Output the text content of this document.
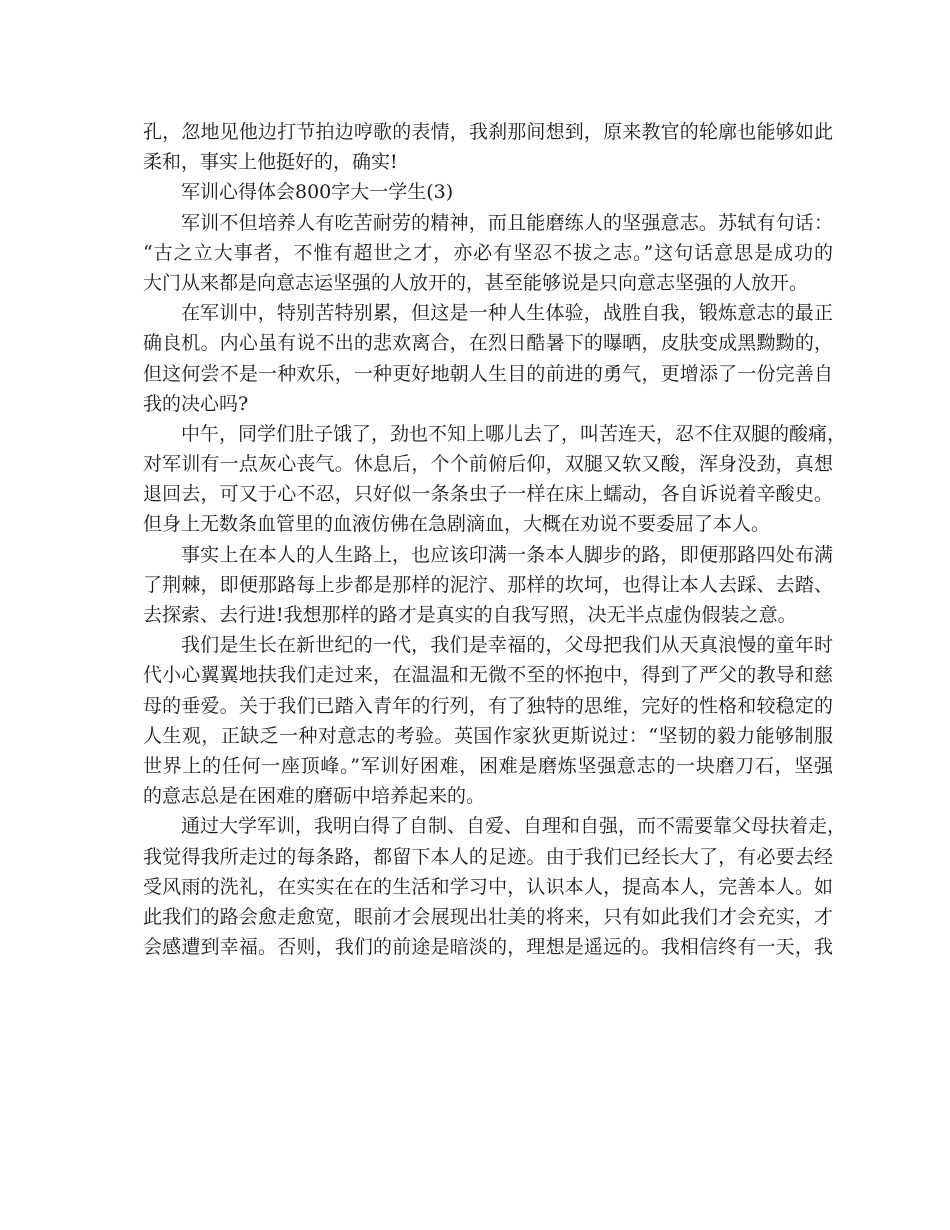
孔，忽地见他边打节拍边哼歌的表情，我刹那间想到，原来教官的轮廓也能够如此
柔和，事实上他挺好的，确实!
军训心得体会800字大一学生(3)
军训不但培养人有吃苦耐劳的精神，而且能磨练人的坚强意志。苏轼有句话：
“古之立大事者，不惟有超世之才，亦必有坚忍不拔之志。”这句话意思是成功的
大门从来都是向意志运坚强的人放开的，甚至能够说是只向意志坚强的人放开。
在军训中，特别苦特别累，但这是一种人生体验，战胜自我，锻炼意志的最正
确良机。内心虽有说不出的悲欢离合，在烈日酷暑下的曝晒，皮肤变成黑黝黝的，
但这何尝不是一种欢乐，一种更好地朝人生目的前进的勇气，更增添了一份完善自
我的决心吗?
中午，同学们肚子饿了，劲也不知上哪儿去了，叫苦连天，忍不住双腿的酸痛，
对军训有一点灰心丧气。休息后，个个前俯后仰，双腿又软又酸，浑身没劲，真想
退回去，可又于心不忍，只好似一条条虫子一样在床上蠕动，各自诉说着辛酸史。
但身上无数条血管里的血液仿佛在急剧滴血，大概在劝说不要委屈了本人。
事实上在本人的人生路上，也应该印满一条本人脚步的路，即便那路四处布满
了荆棘，即便那路每上步都是那样的泥泞、那样的坎坷，也得让本人去踩、去踏、
去探索、去行进!我想那样的路才是真实的自我写照，决无半点虚伪假装之意。
我们是生长在新世纪的一代，我们是幸福的，父母把我们从天真浪慢的童年时
代小心翼翼地扶我们走过来，在温温和无微不至的怀抱中，得到了严父的教导和慈
母的垂爱。关于我们已踏入青年的行列，有了独特的思维，完好的性格和较稳定的
人生观，正缺乏一种对意志的考验。英国作家狄更斯说过：“坚韧的毅力能够制服
世界上的任何一座顶峰。”军训好困难，困难是磨炼坚强意志的一块磨刀石，坚强
的意志总是在困难的磨砺中培养起来的。
通过大学军训，我明白得了自制、自爱、自理和自强，而不需要靠父母扶着走，
我觉得我所走过的每条路，都留下本人的足迹。由于我们已经长大了，有必要去经
受风雨的洗礼，在实实在在的生活和学习中，认识本人，提高本人，完善本人。如
此我们的路会愈走愈宽，眼前才会展现出壮美的将来，只有如此我们才会充实，才
会感遭到幸福。否则，我们的前途是暗淡的，理想是遥远的。我相信终有一天，我
